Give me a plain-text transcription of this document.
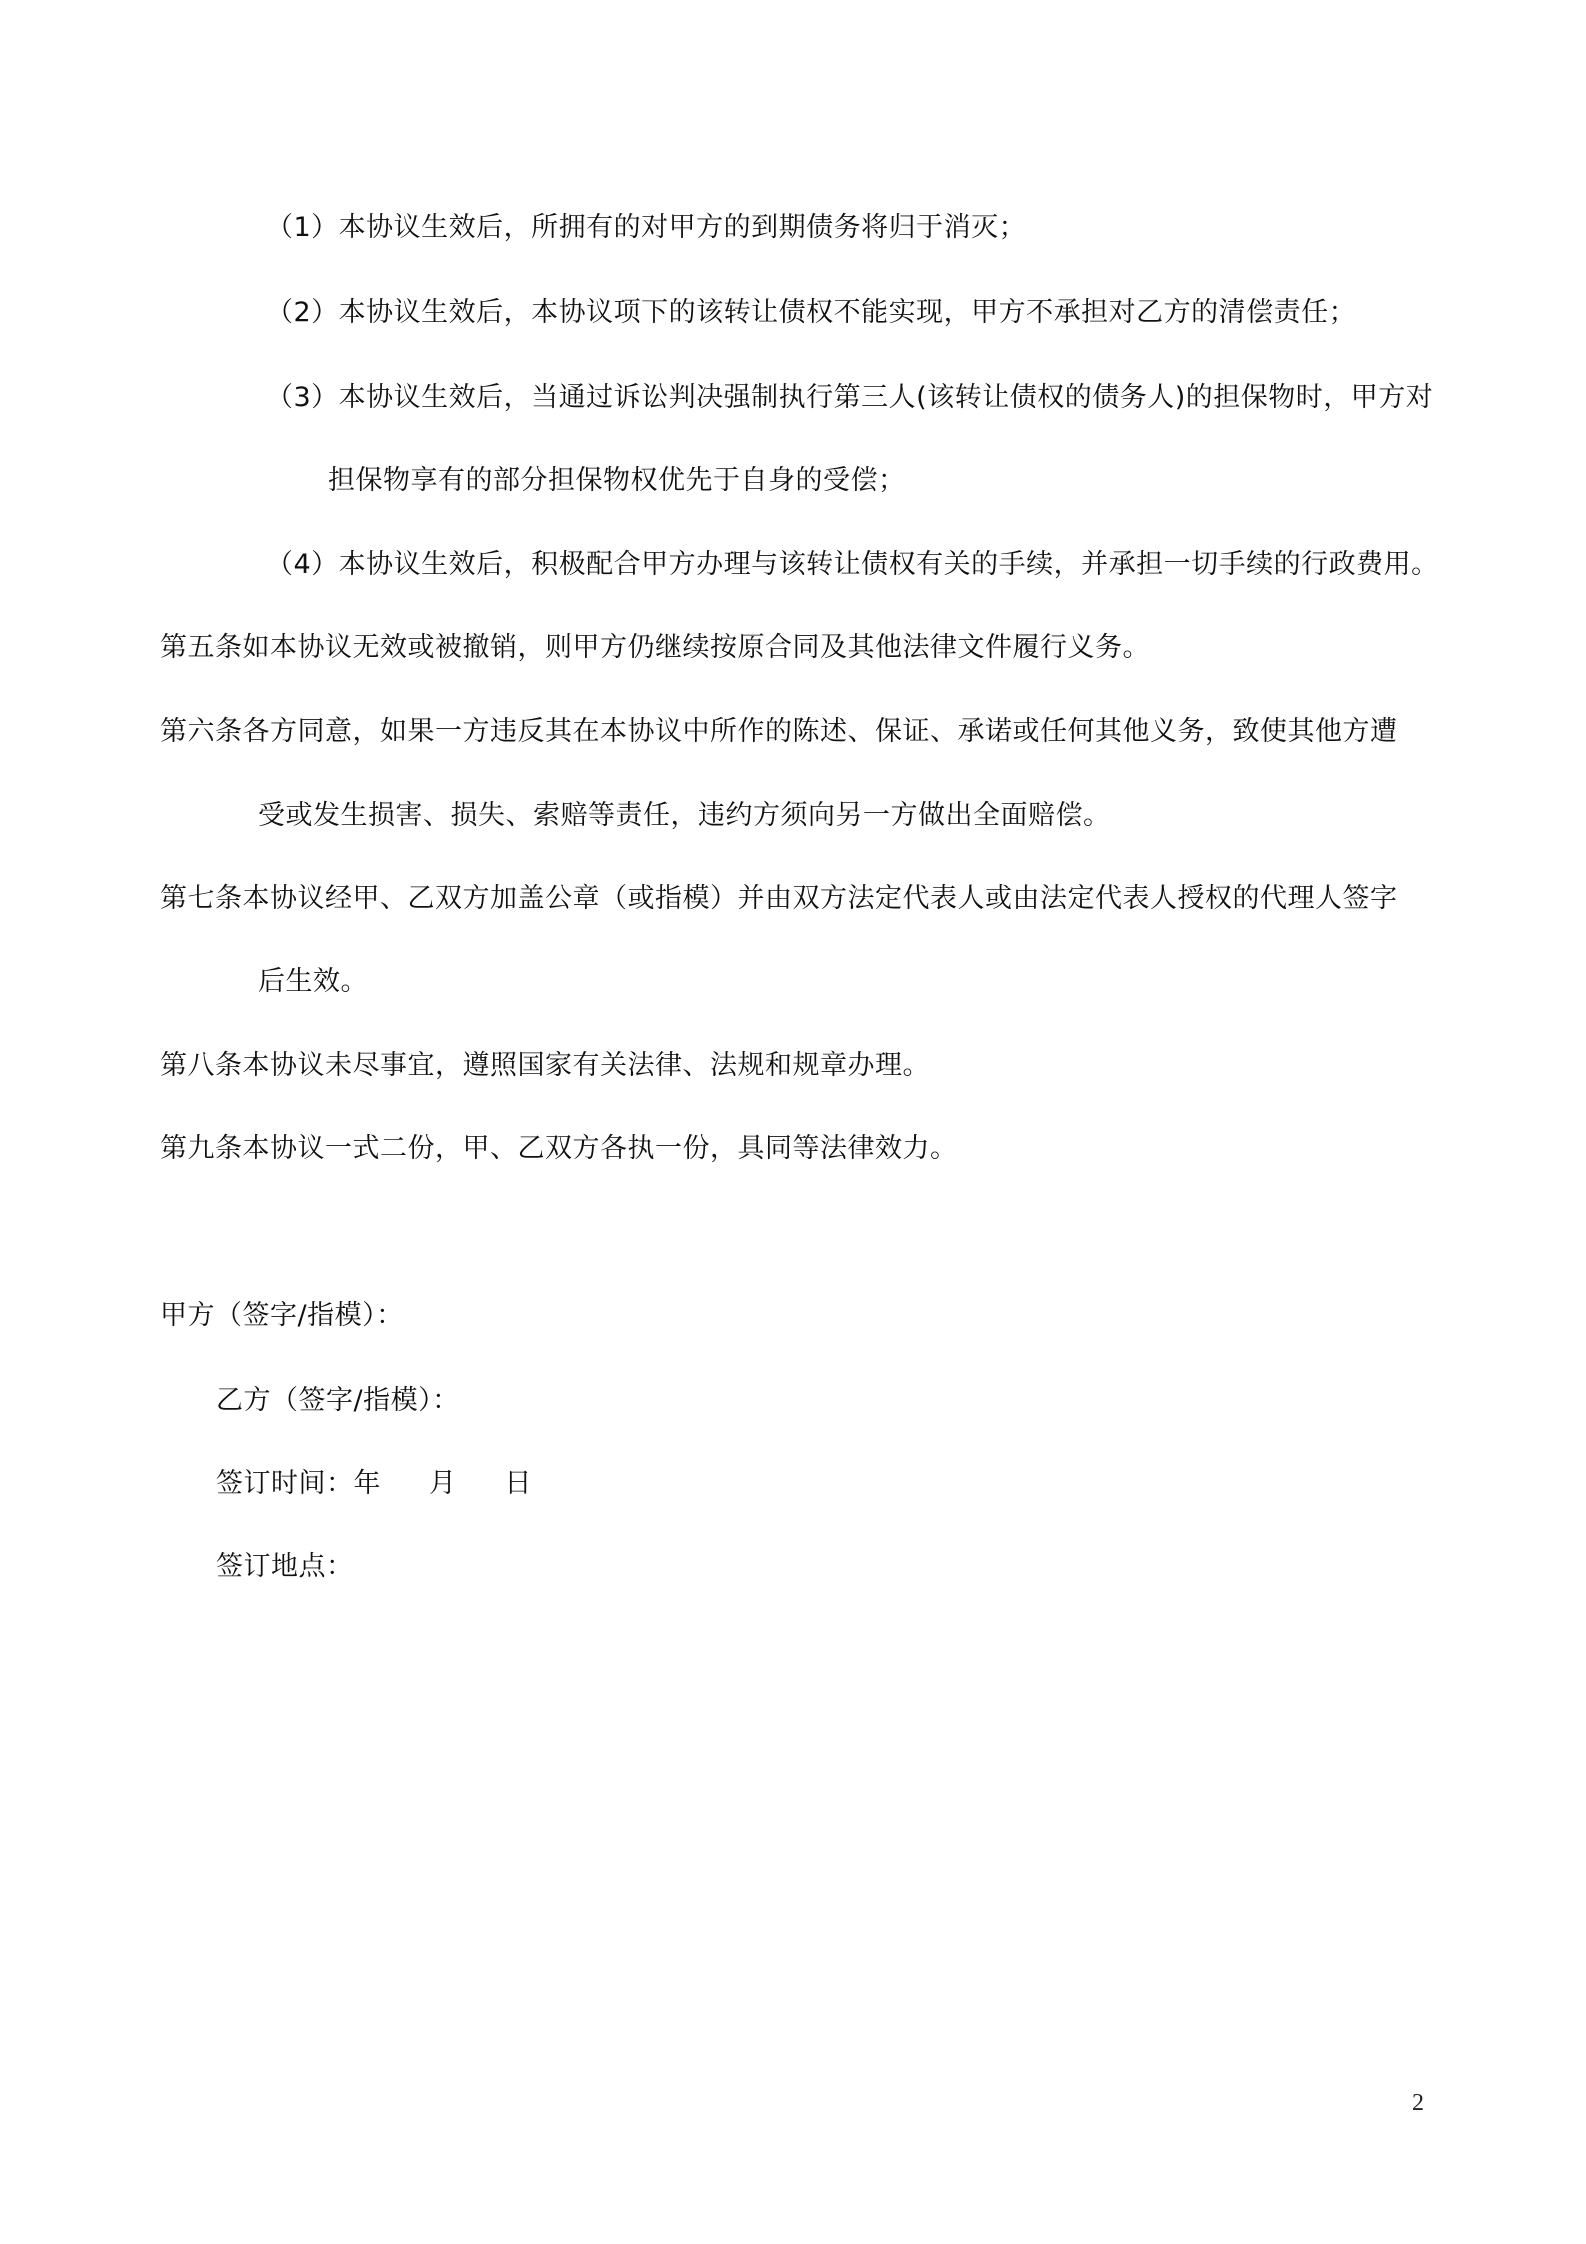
（1）本协议生效后，所拥有的对甲方的到期债务将归于消灭；
（2）本协议生效后，本协议项下的该转让债权不能实现，甲方不承担对乙方的清偿责任；
（3）本协议生效后，当通过诉讼判决强制执行第三人(该转让债权的债务人)的担保物时，甲方对
担保物享有的部分担保物权优先于自身的受偿；
（4）本协议生效后，积极配合甲方办理与该转让债权有关的手续，并承担一切手续的行政费用。
第五条如本协议无效或被撤销，则甲方仍继续按原合同及其他法律文件履行义务。
第六条各方同意，如果一方违反其在本协议中所作的陈述、保证、承诺或任何其他义务，致使其他方遭
受或发生损害、损失、索赔等责任，违约方须向另一方做出全面赔偿。
第七条本协议经甲、乙双方加盖公章（或指模）并由双方法定代表人或由法定代表人授权的代理人签字
后生效。
第八条本协议未尽事宜，遵照国家有关法律、法规和规章办理。
第九条本协议一式二份，甲、乙双方各执一份，具同等法律效力。
甲方（签字/指模）：
乙方（签字/指模）：
签订时间：年 月 日
签订地点：
2
